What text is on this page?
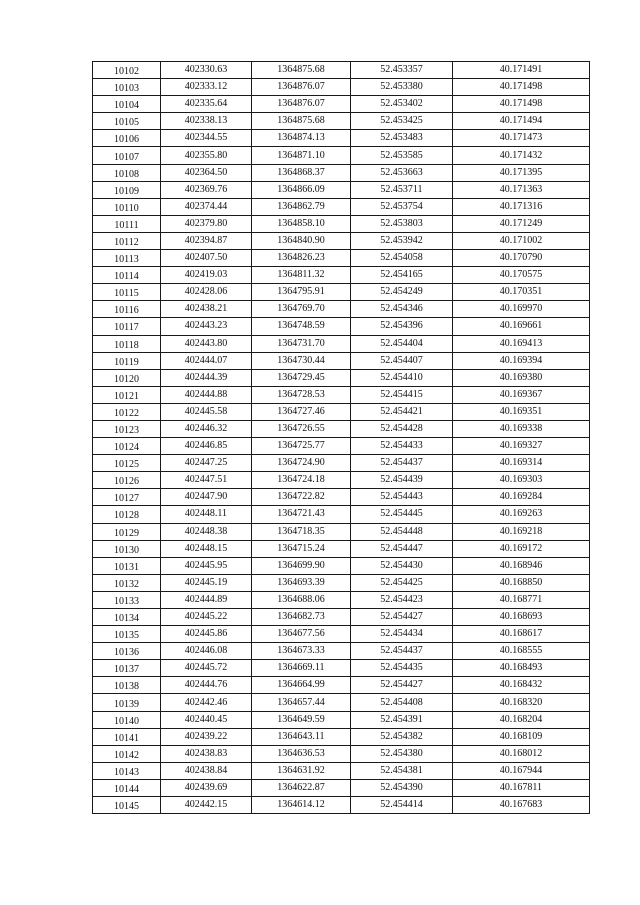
10102	402330.63	1364875.68	52.453357	40.171491
10103	402333.12	1364876.07	52.453380	40.171498
10104	402335.64	1364876.07	52.453402	40.171498
10105	402338.13	1364875.68	52.453425	40.171494
10106	402344.55	1364874.13	52.453483	40.171473
10107	402355.80	1364871.10	52.453585	40.171432
10108	402364.50	1364868.37	52.453663	40.171395
10109	402369.76	1364866.09	52.453711	40.171363
10110	402374.44	1364862.79	52.453754	40.171316
10111	402379.80	1364858.10	52.453803	40.171249
10112	402394.87	1364840.90	52.453942	40.171002
10113	402407.50	1364826.23	52.454058	40.170790
10114	402419.03	1364811.32	52.454165	40.170575
10115	402428.06	1364795.91	52.454249	40.170351
10116	402438.21	1364769.70	52.454346	40.169970
10117	402443.23	1364748.59	52.454396	40.169661
10118	402443.80	1364731.70	52.454404	40.169413
10119	402444.07	1364730.44	52.454407	40.169394
10120	402444.39	1364729.45	52.454410	40.169380
10121	402444.88	1364728.53	52.454415	40.169367
10122	402445.58	1364727.46	52.454421	40.169351
10123	402446.32	1364726.55	52.454428	40.169338
10124	402446.85	1364725.77	52.454433	40.169327
10125	402447.25	1364724.90	52.454437	40.169314
10126	402447.51	1364724.18	52.454439	40.169303
10127	402447.90	1364722.82	52.454443	40.169284
10128	402448.11	1364721.43	52.454445	40.169263
10129	402448.38	1364718.35	52.454448	40.169218
10130	402448.15	1364715.24	52.454447	40.169172
10131	402445.95	1364699.90	52.454430	40.168946
10132	402445.19	1364693.39	52.454425	40.168850
10133	402444.89	1364688.06	52.454423	40.168771
10134	402445.22	1364682.73	52.454427	40.168693
10135	402445.86	1364677.56	52.454434	40.168617
10136	402446.08	1364673.33	52.454437	40.168555
10137	402445.72	1364669.11	52.454435	40.168493
10138	402444.76	1364664.99	52.454427	40.168432
10139	402442.46	1364657.44	52.454408	40.168320
10140	402440.45	1364649.59	52.454391	40.168204
10141	402439.22	1364643.11	52.454382	40.168109
10142	402438.83	1364636.53	52.454380	40.168012
10143	402438.84	1364631.92	52.454381	40.167944
10144	402439.69	1364622.87	52.454390	40.167811
10145	402442.15	1364614.12	52.454414	40.167683
